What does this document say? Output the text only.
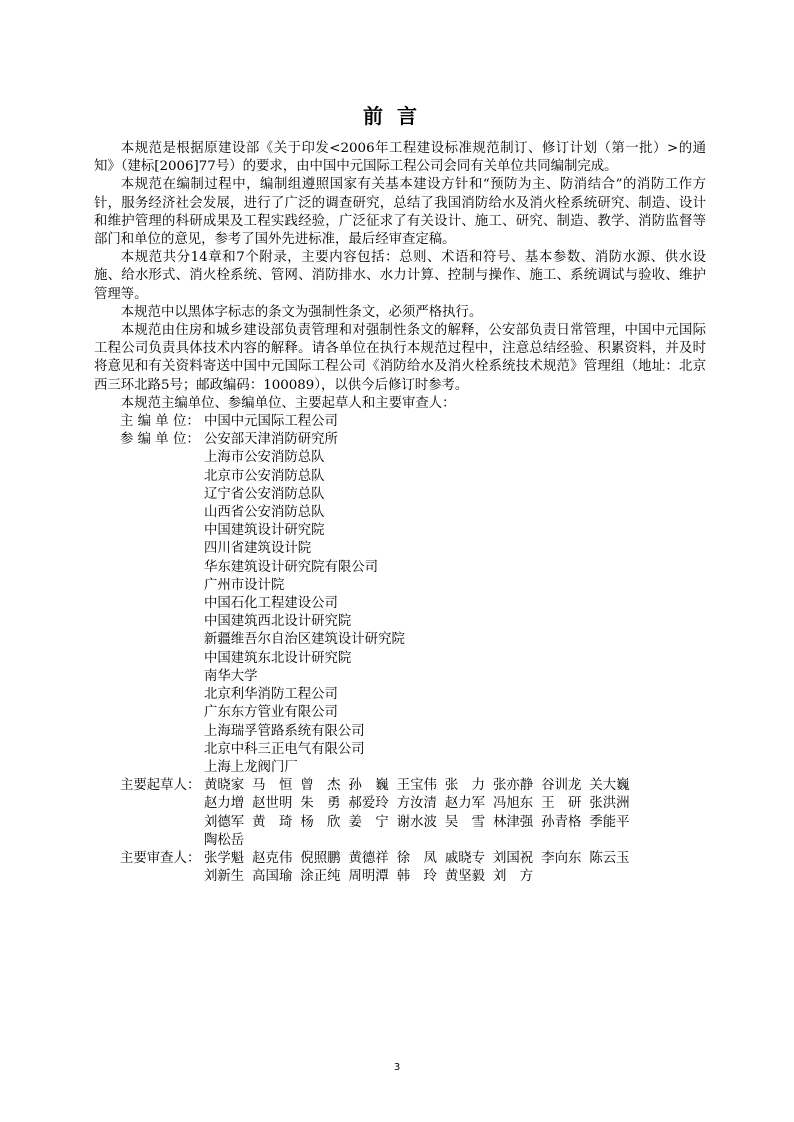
前言

本规范是根据原建设部《关于印发<2006年工程建设标准规范制订、修订计划（第一批）>的通知》（建标[2006]77号）的要求，由中国中元国际工程公司会同有关单位共同编制完成。

本规范在编制过程中，编制组遵照国家有关基本建设方针和“预防为主、防消结合”的消防工作方针，服务经济社会发展，进行了广泛的调查研究，总结了我国消防给水及消火栓系统研究、制造、设计和维护管理的科研成果及工程实践经验，广泛征求了有关设计、施工、研究、制造、教学、消防监督等部门和单位的意见，参考了国外先进标准，最后经审查定稿。

本规范共分14章和7个附录，主要内容包括：总则、术语和符号、基本参数、消防水源、供水设施、给水形式、消火栓系统、管网、消防排水、水力计算、控制与操作、施工、系统调试与验收、维护管理等。

本规范中以黑体字标志的条文为强制性条文，必须严格执行。

本规范由住房和城乡建设部负责管理和对强制性条文的解释，公安部负责日常管理，中国中元国际工程公司负责具体技术内容的解释。请各单位在执行本规范过程中，注意总结经验、积累资料，并及时将意见和有关资料寄送中国中元国际工程公司《消防给水及消火栓系统技术规范》管理组（地址：北京西三环北路5号；邮政编码：100089），以供今后修订时参考。

本规范主编单位、参编单位、主要起草人和主要审查人：

主 编 单 位： 中国中元国际工程公司
参 编 单 位： 公安部天津消防研究所
上海市公安消防总队
北京市公安消防总队
辽宁省公安消防总队
山西省公安消防总队
中国建筑设计研究院
四川省建筑设计院
华东建筑设计研究院有限公司
广州市设计院
中国石化工程建设公司
中国建筑西北设计研究院
新疆维吾尔自治区建筑设计研究院
中国建筑东北设计研究院
南华大学
北京利华消防工程公司
广东东方管业有限公司
上海瑞孚管路系统有限公司
北京中科三正电气有限公司
上海上龙阀门厂
主要起草人： 黄晓家 马　恒 曾　杰 孙　巍 王宝伟 张　力 张亦静 谷训龙 关大巍
赵力增 赵世明 朱　勇 郝爱玲 方汝清 赵力军 冯旭东 王　研 张洪洲
刘德军 黄　琦 杨　欣 姜　宁 谢水波 吴　雪 林津强 孙青格 季能平
陶松岳
主要审查人： 张学魁 赵克伟 倪照鹏 黄德祥 徐　凤 戚晓专 刘国祝 李向东 陈云玉
刘新生 高国瑜 涂正纯 周明潭 韩　玲 黄坚毅 刘　方
3
